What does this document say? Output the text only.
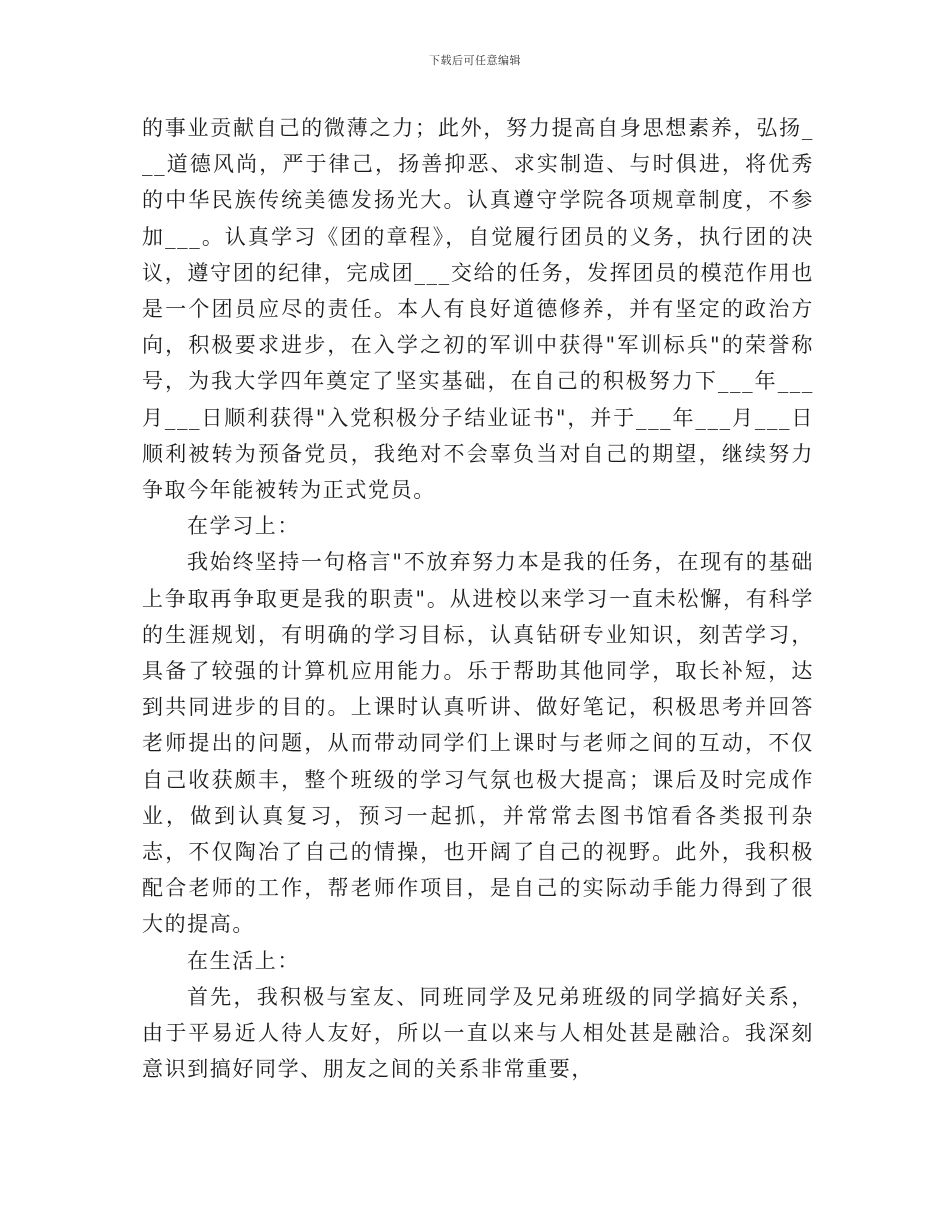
下载后可任意编辑

的事业贡献自己的微薄之力；此外，努力提高自身思想素养，弘扬___道德风尚，严于律己，扬善抑恶、求实制造、与时俱进，将优秀的中华民族传统美德发扬光大。认真遵守学院各项规章制度，不参加___。认真学习《团的章程》，自觉履行团员的义务，执行团的决议，遵守团的纪律，完成团___交给的任务，发挥团员的模范作用也是一个团员应尽的责任。本人有良好道德修养，并有坚定的政治方向，积极要求进步，在入学之初的军训中获得"军训标兵"的荣誉称号，为我大学四年奠定了坚实基础，在自己的积极努力下___年___月___日顺利获得"入党积极分子结业证书"，并于___年___月___日顺利被转为预备党员，我绝对不会辜负当对自己的期望，继续努力争取今年能被转为正式党员。

在学习上：

我始终坚持一句格言"不放弃努力本是我的任务，在现有的基础上争取再争取更是我的职责"。从进校以来学习一直未松懈，有科学的生涯规划，有明确的学习目标，认真钻研专业知识，刻苦学习，具备了较强的计算机应用能力。乐于帮助其他同学，取长补短，达到共同进步的目的。上课时认真听讲、做好笔记，积极思考并回答老师提出的问题，从而带动同学们上课时与老师之间的互动，不仅自己收获颇丰，整个班级的学习气氛也极大提高；课后及时完成作业，做到认真复习，预习一起抓，并常常去图书馆看各类报刊杂志，不仅陶冶了自己的情操，也开阔了自己的视野。此外，我积极配合老师的工作，帮老师作项目，是自己的实际动手能力得到了很大的提高。

在生活上：

首先，我积极与室友、同班同学及兄弟班级的同学搞好关系，由于平易近人待人友好，所以一直以来与人相处甚是融洽。我深刻意识到搞好同学、朋友之间的关系非常重要，
